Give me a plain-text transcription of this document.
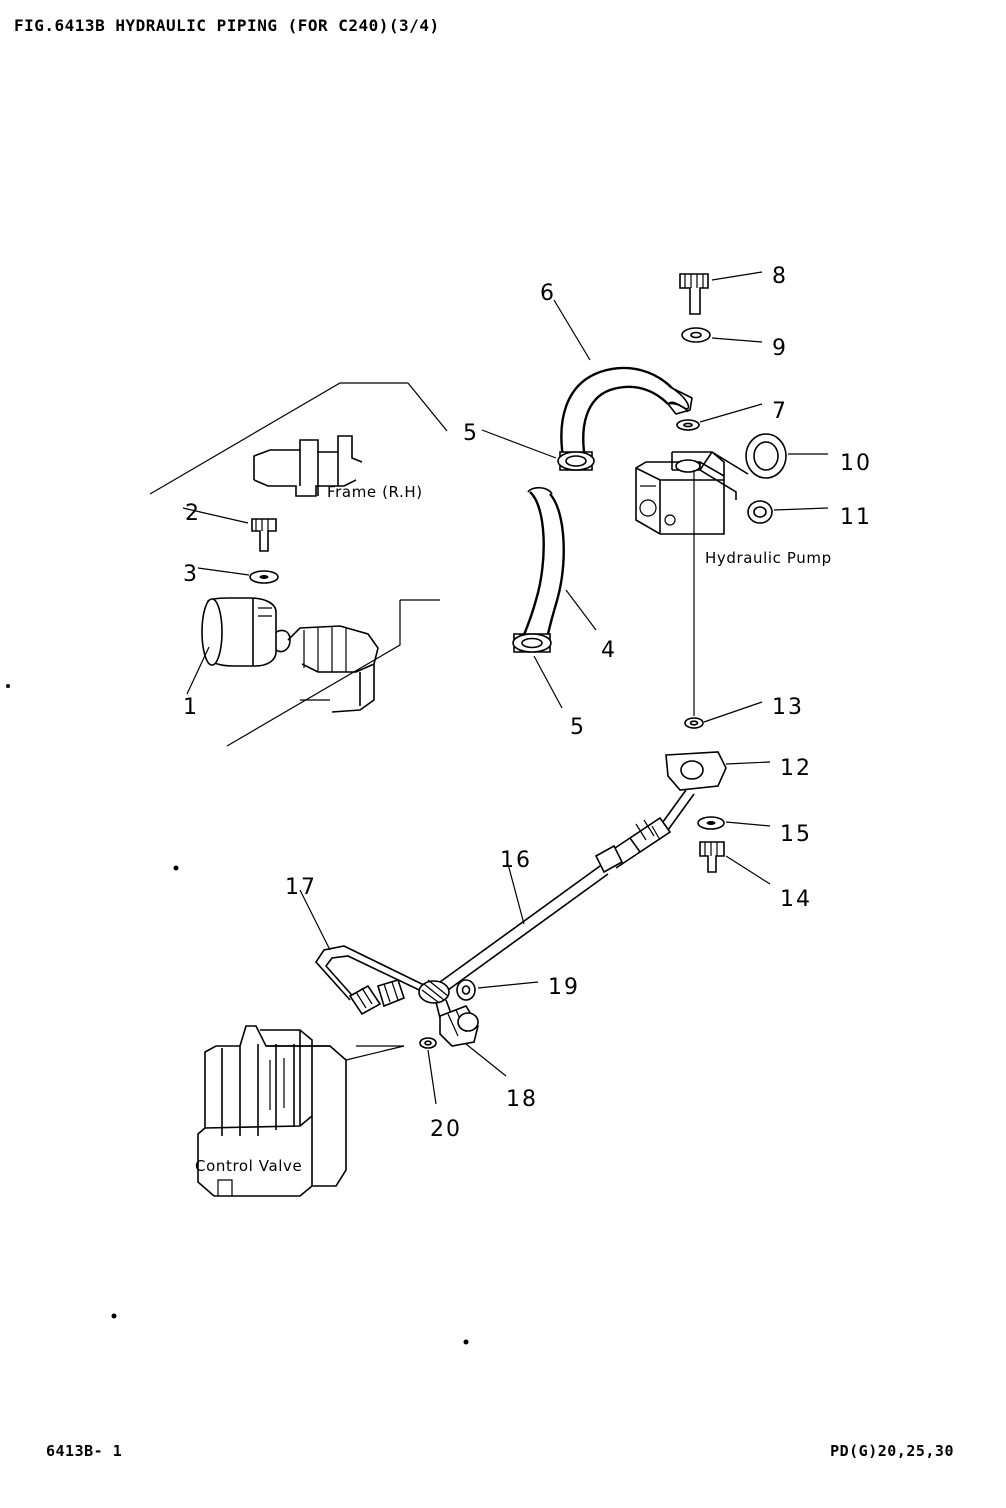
FIG.6413B HYDRAULIC PIPING (FOR C240)(3/4)
Frame (R.H)
Hydraulic Pump
Control Valve
8
6
9
7
5
10
11
2
3
4
1	13
5
12
15
14
16
17
19
18
20
6413B- 1	PD(G)20,25,30
